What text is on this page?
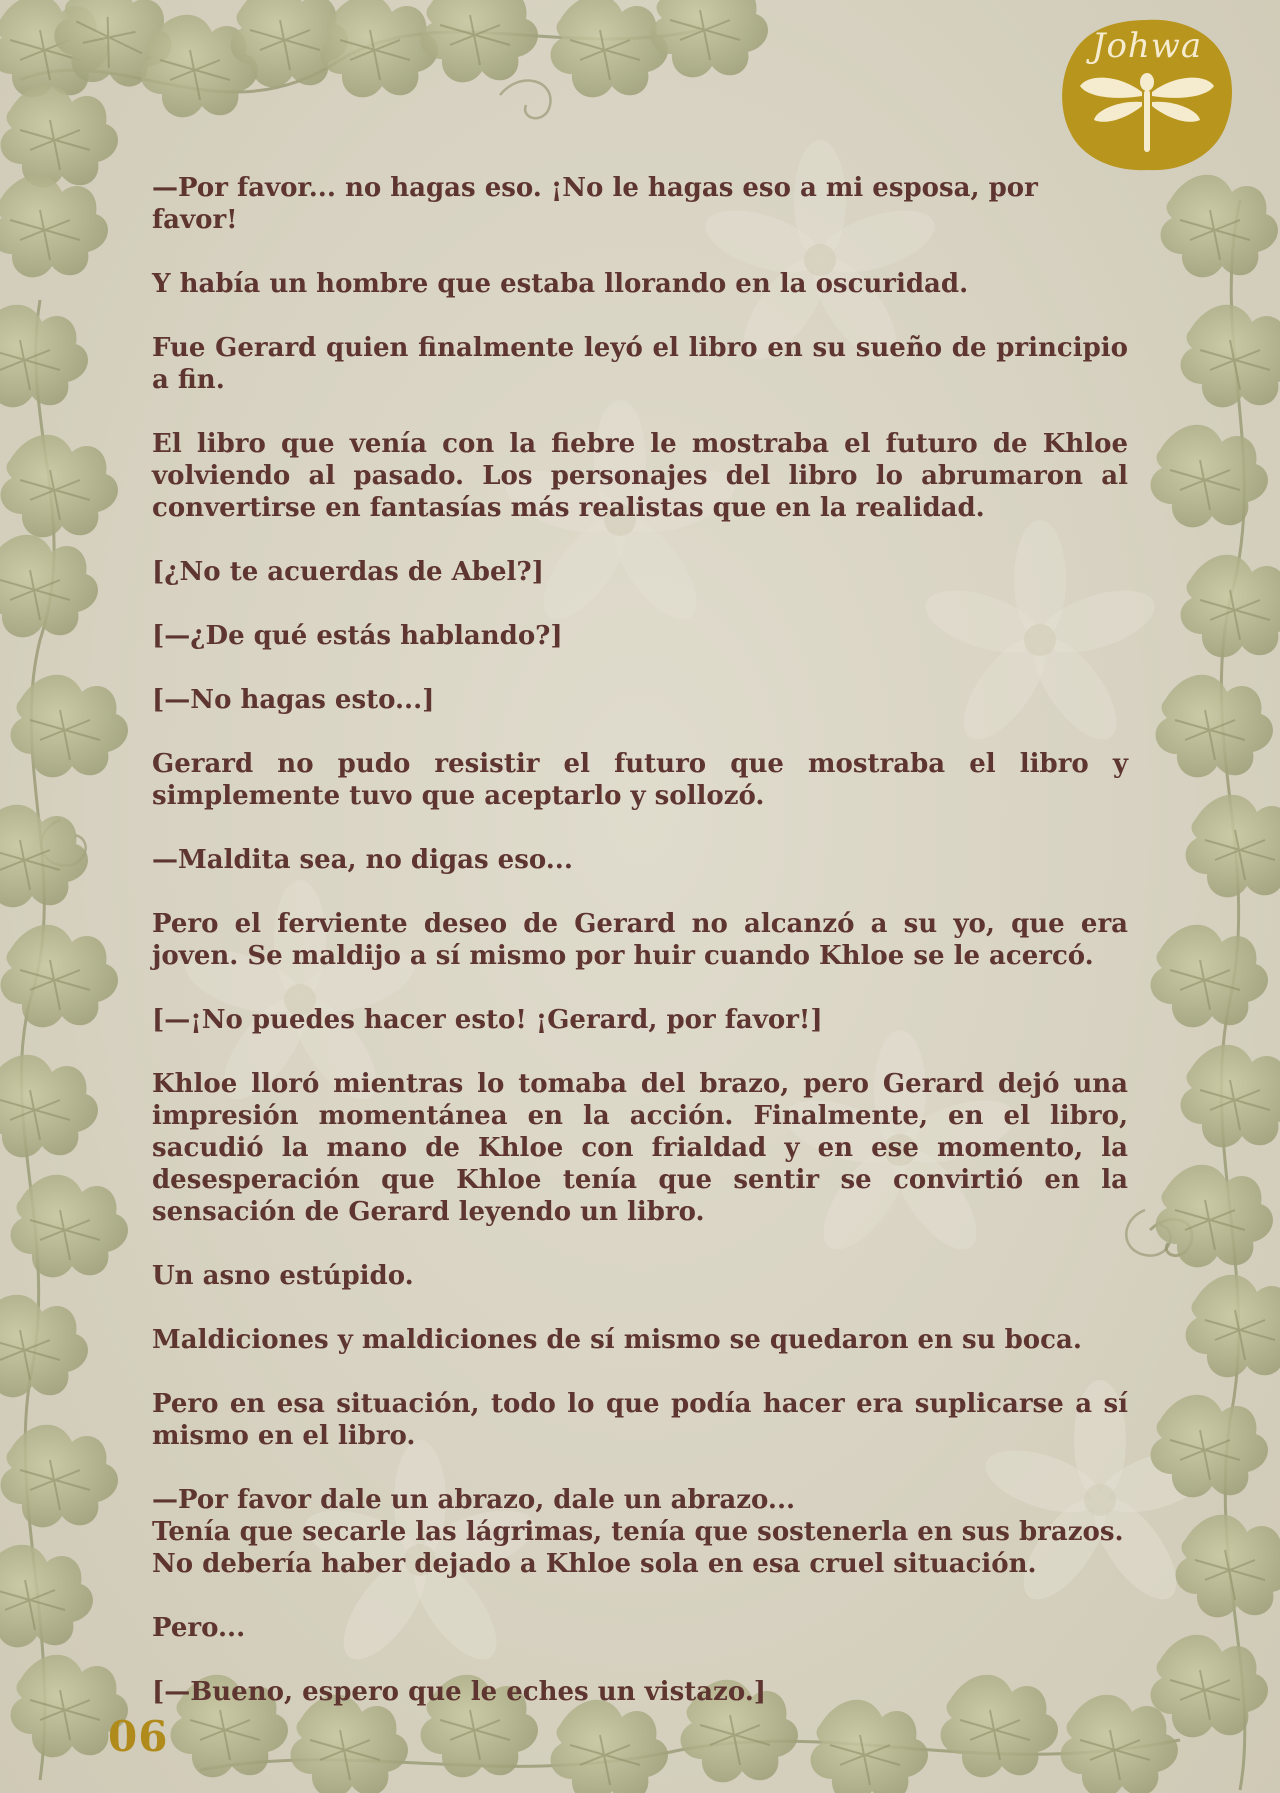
Johwa

—Por favor... no hagas eso. ¡No le hagas eso a mi esposa, por favor!

Y había un hombre que estaba llorando en la oscuridad.

Fue Gerard quien finalmente leyó el libro en su sueño de principio a fin.

El libro que venía con la fiebre le mostraba el futuro de Khloe volviendo al pasado. Los personajes del libro lo abrumaron al convertirse en fantasías más realistas que en la realidad.

[¿No te acuerdas de Abel?]

[—¿De qué estás hablando?]

[—No hagas esto...]

Gerard no pudo resistir el futuro que mostraba el libro y simplemente tuvo que aceptarlo y sollozó.

—Maldita sea, no digas eso...

Pero el ferviente deseo de Gerard no alcanzó a su yo, que era joven. Se maldijo a sí mismo por huir cuando Khloe se le acercó.

[—¡No puedes hacer esto! ¡Gerard, por favor!]

Khloe lloró mientras lo tomaba del brazo, pero Gerard dejó una impresión momentánea en la acción. Finalmente, en el libro, sacudió la mano de Khloe con frialdad y en ese momento, la desesperación que Khloe tenía que sentir se convirtió en la sensación de Gerard leyendo un libro.

Un asno estúpido.

Maldiciones y maldiciones de sí mismo se quedaron en su boca.

Pero en esa situación, todo lo que podía hacer era suplicarse a sí mismo en el libro.

—Por favor dale un abrazo, dale un abrazo...
Tenía que secarle las lágrimas, tenía que sostenerla en sus brazos.
No debería haber dejado a Khloe sola en esa cruel situación.

Pero...

[—Bueno, espero que le eches un vistazo.]

06
